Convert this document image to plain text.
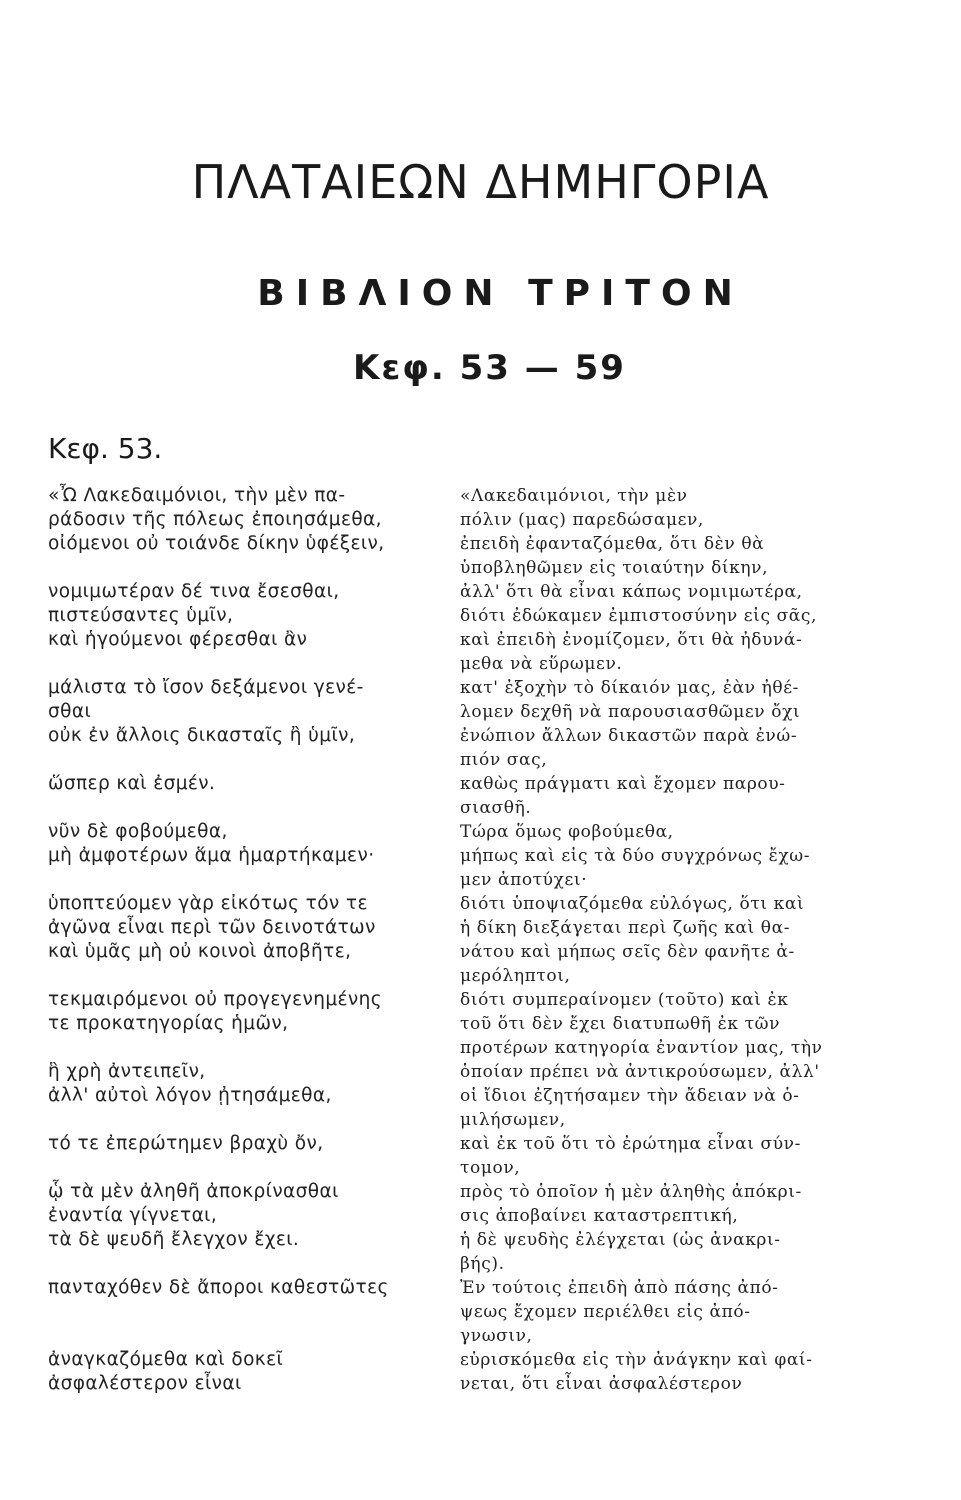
ΠΛΑΤΑΙΕΩΝ ΔΗΜΗΓΟΡΙΑ
ΒΙΒΛΙΟΝ ΤΡΙΤΟΝ
Κεφ. 53 — 59
Κεφ. 53.
«Ὦ Λακεδαιμόνιοι, τὴν μὲν πα-
ράδοσιν τῆς πόλεως ἐποιησάμεθα,
οἰόμενοι οὐ τοιάνδε δίκην ὑφέξειν,
νομιμωτέραν δέ τινα ἔσεσθαι,
πιστεύσαντες ὑμῖν,
καὶ ἡγούμενοι φέρεσθαι ἂν
μάλιστα τὸ ἴσον δεξάμενοι γενέ-
σθαι
οὐκ ἐν ἄλλοις δικασταῖς ἢ ὑμῖν,
ὥσπερ καὶ ἐσμέν.
νῦν δὲ φοβούμεθα,
μὴ ἀμφοτέρων ἅμα ἡμαρτήκαμεν·
ὑποπτεύομεν γὰρ εἰκότως τόν τε
ἀγῶνα εἶναι περὶ τῶν δεινοτάτων
καὶ ὑμᾶς μὴ οὐ κοινοὶ ἀποβῆτε,
τεκμαιρόμενοι οὐ προγεγενημένης
τε προκατηγορίας ἡμῶν,
ἣ χρὴ ἀντειπεῖν,
ἀλλ' αὐτοὶ λόγον ᾐτησάμεθα,
τό τε ἐπερώτημεν βραχὺ ὄν,
ᾧ τὰ μὲν ἀληθῆ ἀποκρίνασθαι
ἐναντία γίγνεται,
τὰ δὲ ψευδῆ ἔλεγχον ἔχει.
πανταχόθεν δὲ ἄποροι καθεστῶτες
ἀναγκαζόμεθα καὶ δοκεῖ
ἀσφαλέστερον εἶναι
«Λακεδαιμόνιοι, τὴν μὲν
πόλιν (μας) παρεδώσαμεν,
ἐπειδὴ ἐφανταζόμεθα, ὅτι δὲν θὰ
ὑποβληθῶμεν εἰς τοιαύτην δίκην,
ἀλλ' ὅτι θὰ εἶναι κάπως νομιμωτέρα,
διότι ἐδώκαμεν ἐμπιστοσύνην εἰς σᾶς,
καὶ ἐπειδὴ ἐνομίζομεν, ὅτι θὰ ἠδυνά-
μεθα νὰ εὕρωμεν.
κατ' ἐξοχὴν τὸ δίκαιόν μας, ἐὰν ἠθέ-
λομεν δεχθῆ νὰ παρουσιασθῶμεν ὄχι
ἐνώπιον ἄλλων δικαστῶν παρὰ ἐνώ-
πιόν σας,
καθὼς πράγματι καὶ ἔχομεν παρου-
σιασθῆ.
Τώρα ὅμως φοβούμεθα,
μήπως καὶ εἰς τὰ δύο συγχρόνως ἔχω-
μεν ἀποτύχει·
διότι ὑποψιαζόμεθα εὐλόγως, ὅτι καὶ
ἡ δίκη διεξάγεται περὶ ζωῆς καὶ θα-
νάτου καὶ μήπως σεῖς δὲν φανῆτε ἀ-
μερόληπτοι,
διότι συμπεραίνομεν (τοῦτο) καὶ ἐκ
τοῦ ὅτι δὲν ἔχει διατυπωθῆ ἐκ τῶν
προτέρων κατηγορία ἐναντίον μας, τὴν
ὁποίαν πρέπει νὰ ἀντικρούσωμεν, ἀλλ'
οἱ ἴδιοι ἐζητήσαμεν τὴν ἄδειαν νὰ ὁ-
μιλήσωμεν,
καὶ ἐκ τοῦ ὅτι τὸ ἐρώτημα εἶναι σύν-
τομον,
πρὸς τὸ ὁποῖον ἡ μὲν ἀληθὴς ἀπόκρι-
σις ἀποβαίνει καταστρεπτική,
ἡ δὲ ψευδὴς ἐλέγχεται (ὡς ἀνακρι-
βής).
Ἐν τούτοις ἐπειδὴ ἀπὸ πάσης ἀπό-
ψεως ἔχομεν περιέλθει εἰς ἀπό-
γνωσιν,
εὑρισκόμεθα εἰς τὴν ἀνάγκην καὶ φαί-
νεται, ὅτι εἶναι ἀσφαλέστερον
